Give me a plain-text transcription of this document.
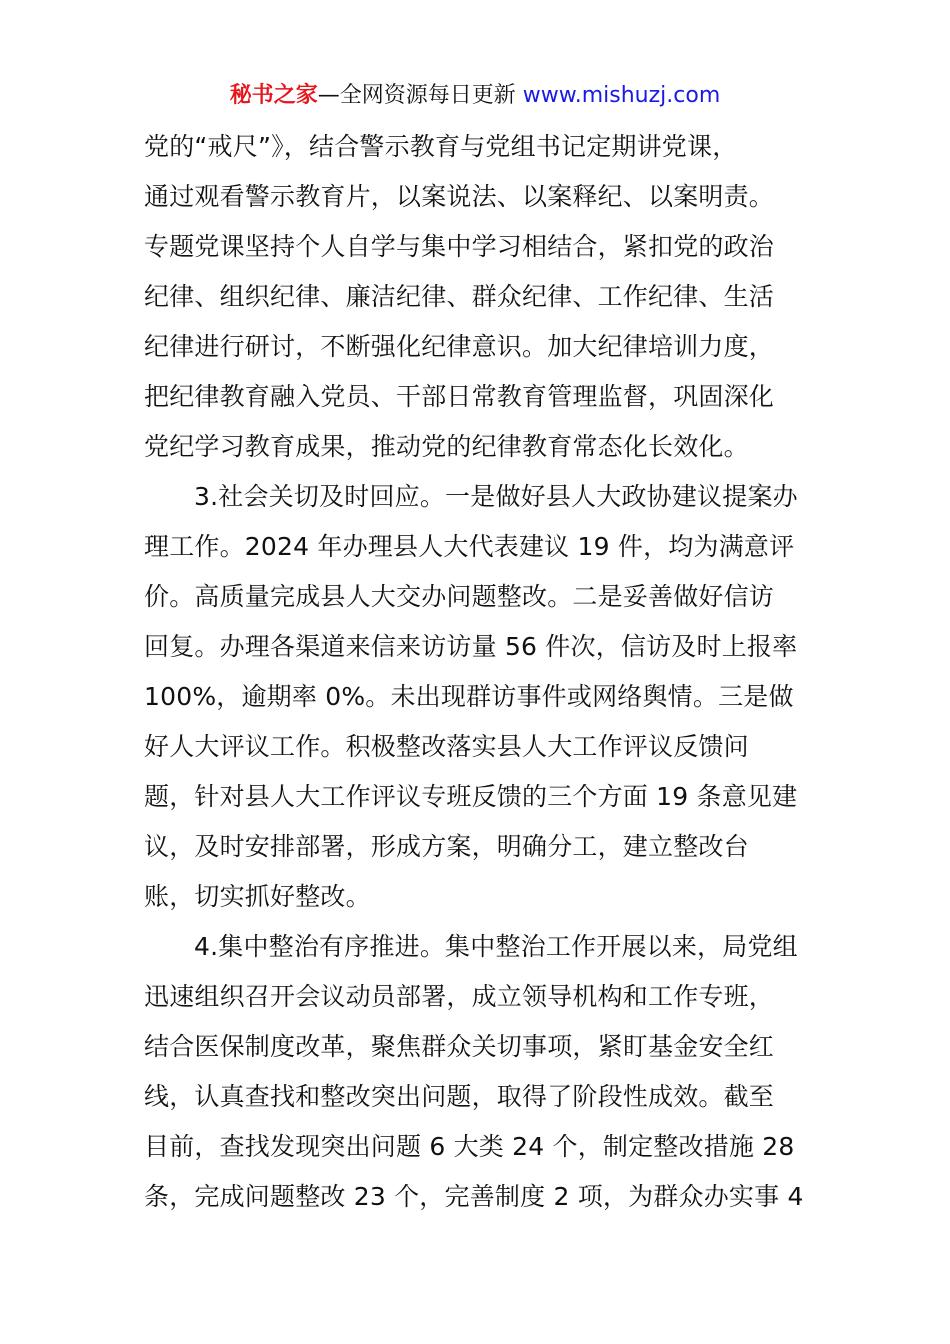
秘书之家—全网资源每日更新 www.mishuzj.com
党的“戒尺”》，结合警示教育与党组书记定期讲党课，
通过观看警示教育片，以案说法、以案释纪、以案明责。
专题党课坚持个人自学与集中学习相结合，紧扣党的政治
纪律、组织纪律、廉洁纪律、群众纪律、工作纪律、生活
纪律进行研讨，不断强化纪律意识。加大纪律培训力度，
把纪律教育融入党员、干部日常教育管理监督，巩固深化
党纪学习教育成果，推动党的纪律教育常态化长效化。
3.社会关切及时回应。一是做好县人大政协建议提案办
理工作。2024 年办理县人大代表建议 19 件，均为满意评
价。高质量完成县人大交办问题整改。二是妥善做好信访
回复。办理各渠道来信来访访量 56 件次，信访及时上报率
100%，逾期率 0%。未出现群访事件或网络舆情。三是做
好人大评议工作。积极整改落实县人大工作评议反馈问
题，针对县人大工作评议专班反馈的三个方面 19 条意见建
议，及时安排部署，形成方案，明确分工，建立整改台
账，切实抓好整改。
4.集中整治有序推进。集中整治工作开展以来，局党组
迅速组织召开会议动员部署，成立领导机构和工作专班，
结合医保制度改革，聚焦群众关切事项，紧盯基金安全红
线，认真查找和整改突出问题，取得了阶段性成效。截至
目前，查找发现突出问题 6 大类 24 个，制定整改措施 28
条，完成问题整改 23 个，完善制度 2 项，为群众办实事 4
